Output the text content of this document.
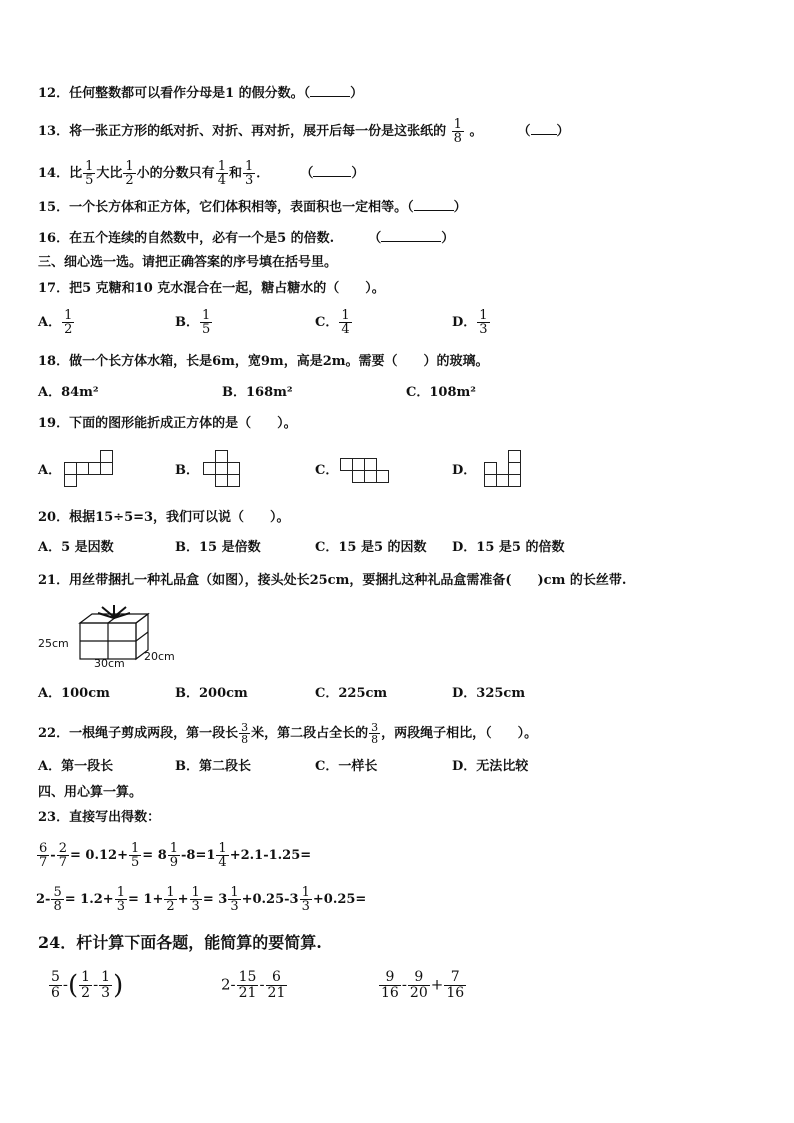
12．任何整数都可以看作分母是1 的假分数。（	）
13．将一张正方形的纸对折、对折、再对折，展开后每一份是这张纸的 $\frac{1}{8}$ 。	（ ）
14．比 $\frac{1}{5}$ 大比 $\frac{1}{2}$ 小的分数只有 $\frac{1}{4}$ 和 $\frac{1}{3}$ ． （	）
15．一个长方体和正方体，它们体积相等，表面积也一定相等。（	）
16．在五个连续的自然数中，必有一个是5 的倍数.	（	）
三、细心选一选。请把正确答案的序号填在括号里。
17．把5 克糖和10 克水混合在一起，糖占糖水的（　　）。
A． $\frac{1}{2}$	B． $\frac{1}{5}$	C． $\frac{1}{4}$	D． $\frac{1}{3}$
18．做一个长方体水箱，长是6m，宽9m，高是2m。需要（　　）的玻璃。
A．84m²	B．168m²	C．108m²
19．下面的图形能折成正方体的是（　　）。
A．	B．	C．	D．
20．根据15÷5=3，我们可以说（　　）。
A．5 是因数	B．15 是倍数	C．15 是5 的因数 D．15 是5 的倍数
21．用丝带捆扎一种礼品盒（如图），接头处长25cm，要捆扎这种礼品盒需准备(　　)cm 的长丝带.
25cm
30cm
20cm
A．100cm	B．200cm	C．225cm	D．325cm
22．一根绳子剪成两段，第一段长 $\frac{3}{8}$ 米，第二段占全长的 $\frac{3}{8}$ ，两段绳子相比，（　　）。
A．第一段长	B．第二段长	C．一样长	D．无法比较
四、用心算一算。
23．直接写出得数：
$\frac{6}{7} - \frac{2}{7} = 0.12+ \frac{1}{5} = 8 \frac{1}{9} -8=1 \frac{1}{4} +2.1-1.25=$
$2- \frac{5}{8} = 1.2+ \frac{1}{3} = 1+ \frac{1}{2} + \frac{1}{3} = 3 \frac{1}{3} +0.25-3 \frac{1}{3} +0.25=$
24．杆计算下面各题，能简算的要简算.
$\frac{5}{6}$ -( $\frac{1}{2} - \frac{1}{3}$ )	$2- \frac{15}{21} - \frac{6}{21}$	$\frac{9}{16} - \frac{9}{20} + \frac{7}{16}$
